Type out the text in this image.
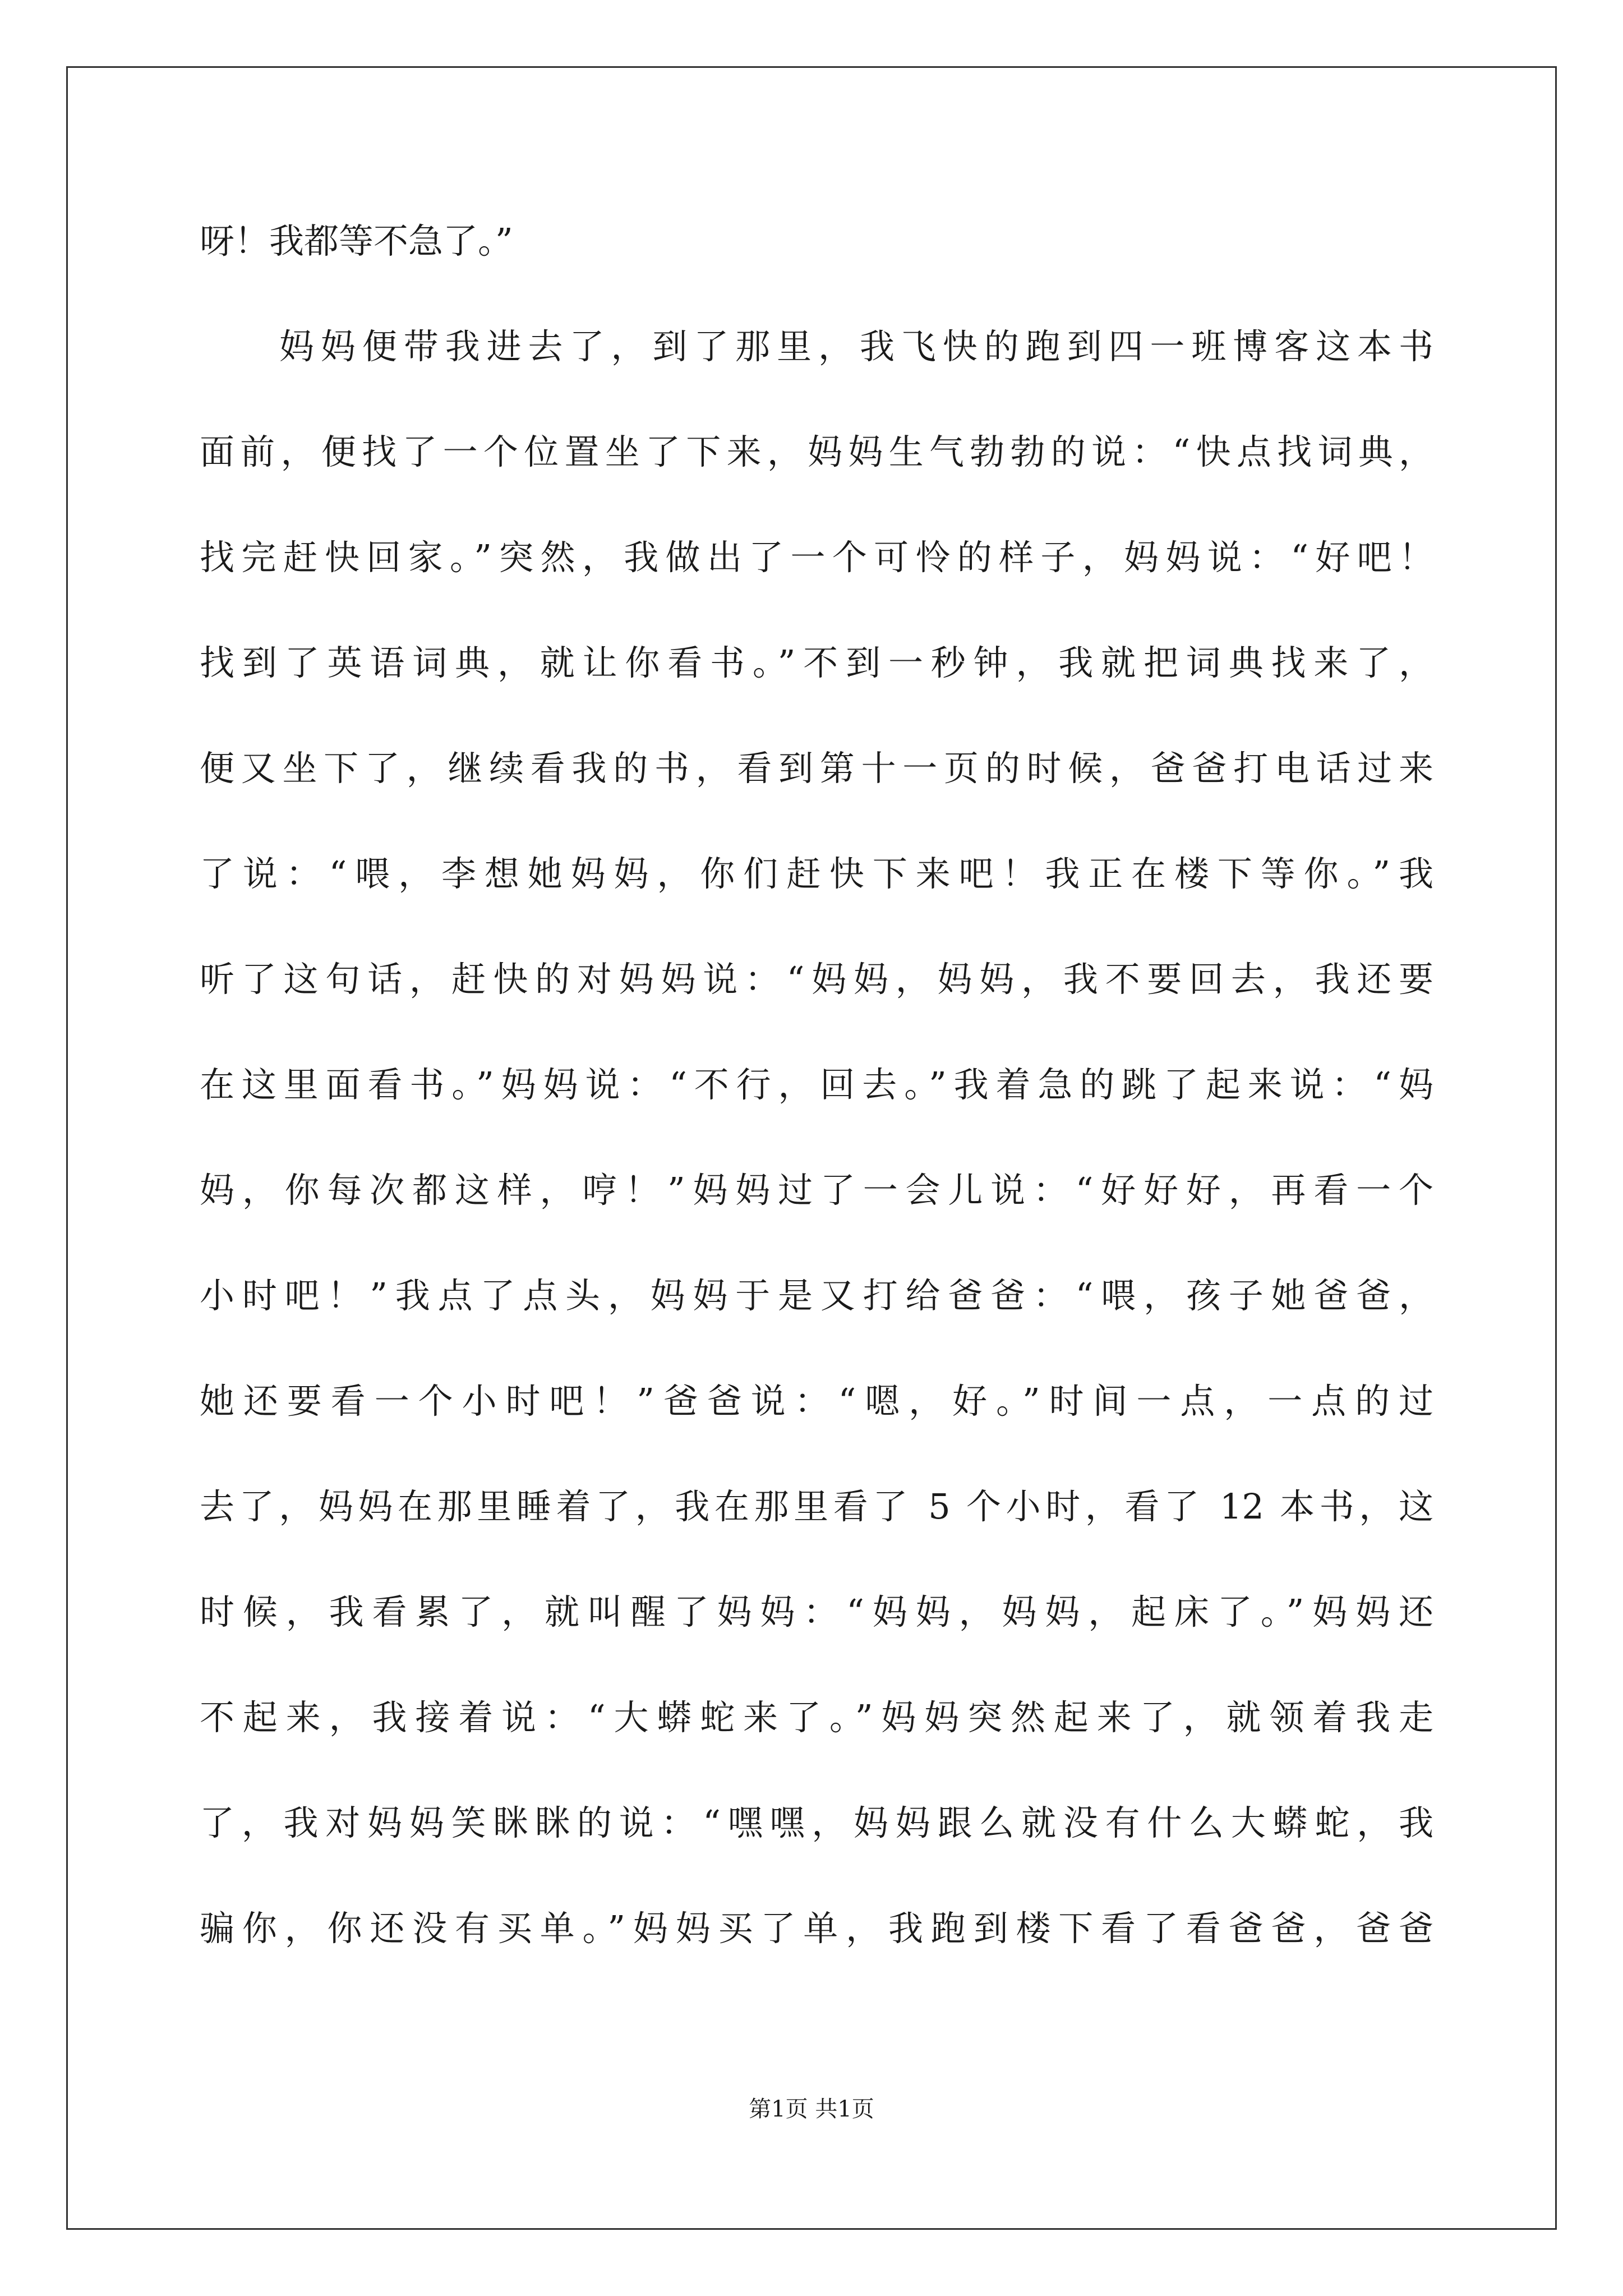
呀！我都等不急了。”
妈妈便带我进去了，到了那里，我飞快的跑到四一班博客这本书
面前，便找了一个位置坐了下来，妈妈生气勃勃的说：“快点找词典，
找完赶快回家。”突然，我做出了一个可怜的样子，妈妈说：“好吧！
找到了英语词典，就让你看书。”不到一秒钟，我就把词典找来了，
便又坐下了，继续看我的书，看到第十一页的时候，爸爸打电话过来
了说：“喂，李想她妈妈，你们赶快下来吧！我正在楼下等你。”我
听了这句话，赶快的对妈妈说：“妈妈，妈妈，我不要回去，我还要
在这里面看书。”妈妈说：“不行，回去。”我着急的跳了起来说：“妈
妈，你每次都这样，哼！”妈妈过了一会儿说：“好好好，再看一个
小时吧！”我点了点头，妈妈于是又打给爸爸：“喂，孩子她爸爸，
她还要看一个小时吧！”爸爸说：“嗯，好。”时间一点，一点的过
去了，妈妈在那里睡着了，我在那里看了 5 个小时，看了 12 本书，这
时候，我看累了，就叫醒了妈妈：“妈妈，妈妈，起床了。”妈妈还
不起来，我接着说：“大蟒蛇来了。”妈妈突然起来了，就领着我走
了，我对妈妈笑眯眯的说：“嘿嘿，妈妈跟么就没有什么大蟒蛇，我
骗你，你还没有买单。”妈妈买了单，我跑到楼下看了看爸爸，爸爸
第1页 共1页
